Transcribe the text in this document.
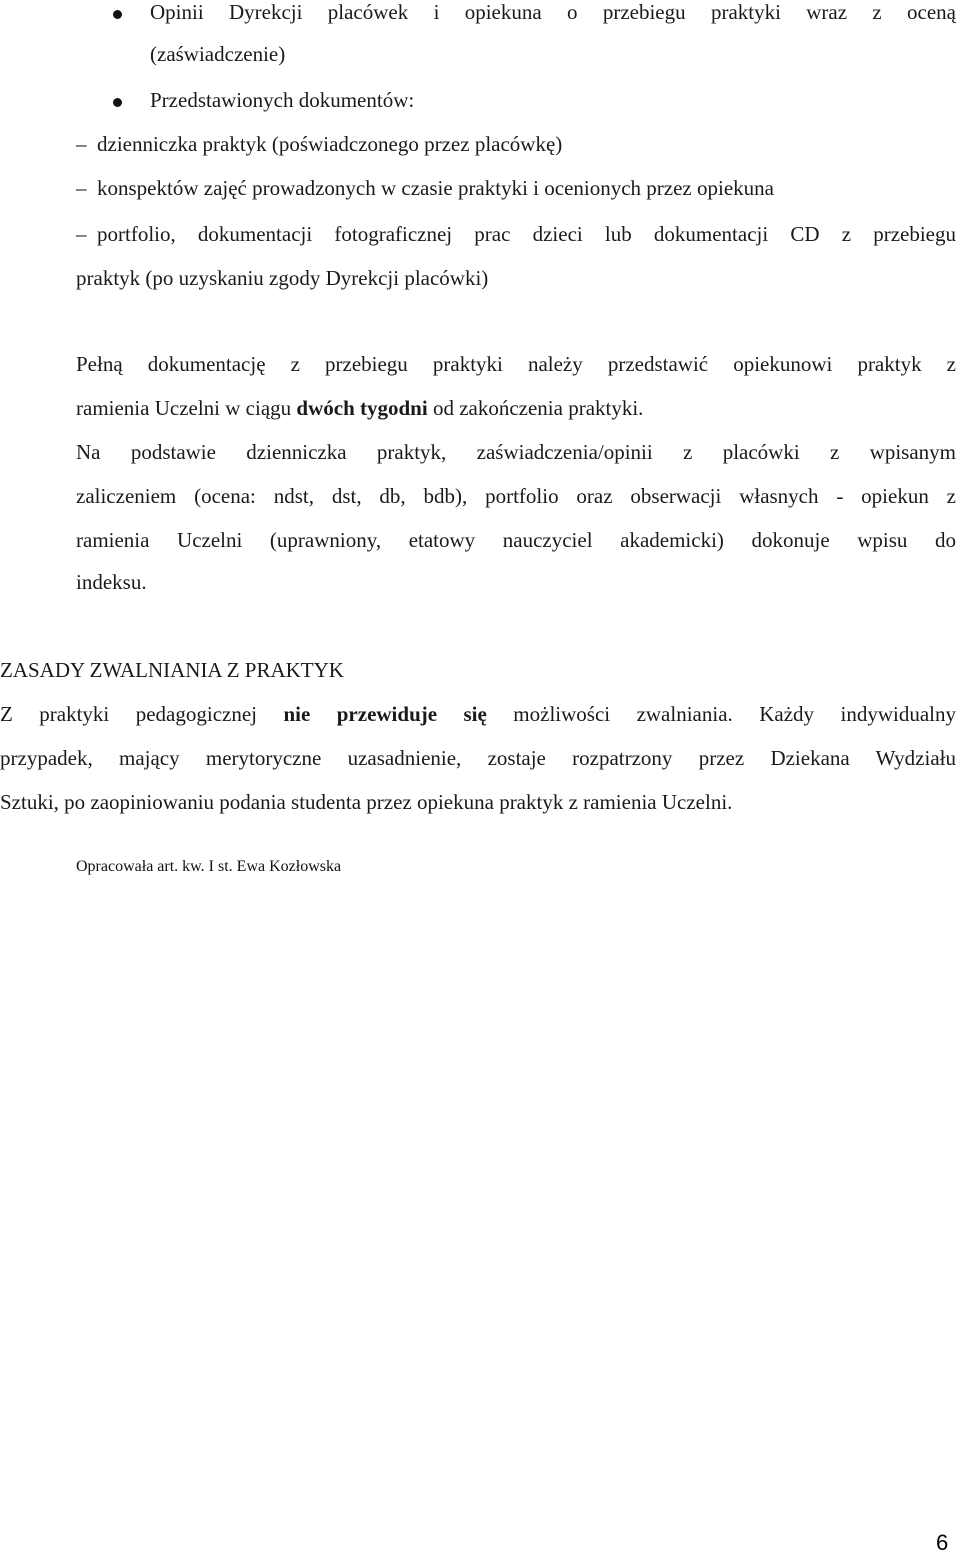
Opinii Dyrekcji placówek i opiekuna o przebiegu praktyki wraz z oceną
(zaświadczenie)
Przedstawionych dokumentów:
– dzienniczka praktyk (poświadczonego przez placówkę)
– konspektów zajęć prowadzonych w czasie praktyki i ocenionych przez opiekuna
– portfolio, dokumentacji fotograficznej prac dzieci lub dokumentacji CD z przebiegu
praktyk (po uzyskaniu zgody Dyrekcji placówki)
Pełną dokumentację z przebiegu praktyki należy przedstawić opiekunowi praktyk z
ramienia Uczelni w ciągu dwóch tygodni od zakończenia praktyki.
Na podstawie dzienniczka praktyk, zaświadczenia/opinii z placówki z wpisanym
zaliczeniem (ocena: ndst, dst, db, bdb), portfolio oraz obserwacji własnych - opiekun z
ramienia Uczelni (uprawniony, etatowy nauczyciel akademicki) dokonuje wpisu do
indeksu.
ZASADY ZWALNIANIA Z PRAKTYK
Z praktyki pedagogicznej nie przewiduje się możliwości zwalniania. Każdy indywidualny
przypadek, mający merytoryczne uzasadnienie, zostaje rozpatrzony przez Dziekana Wydziału
Sztuki, po zaopiniowaniu podania studenta przez opiekuna praktyk z ramienia Uczelni.
Opracowała art. kw. I st. Ewa Kozłowska
6
